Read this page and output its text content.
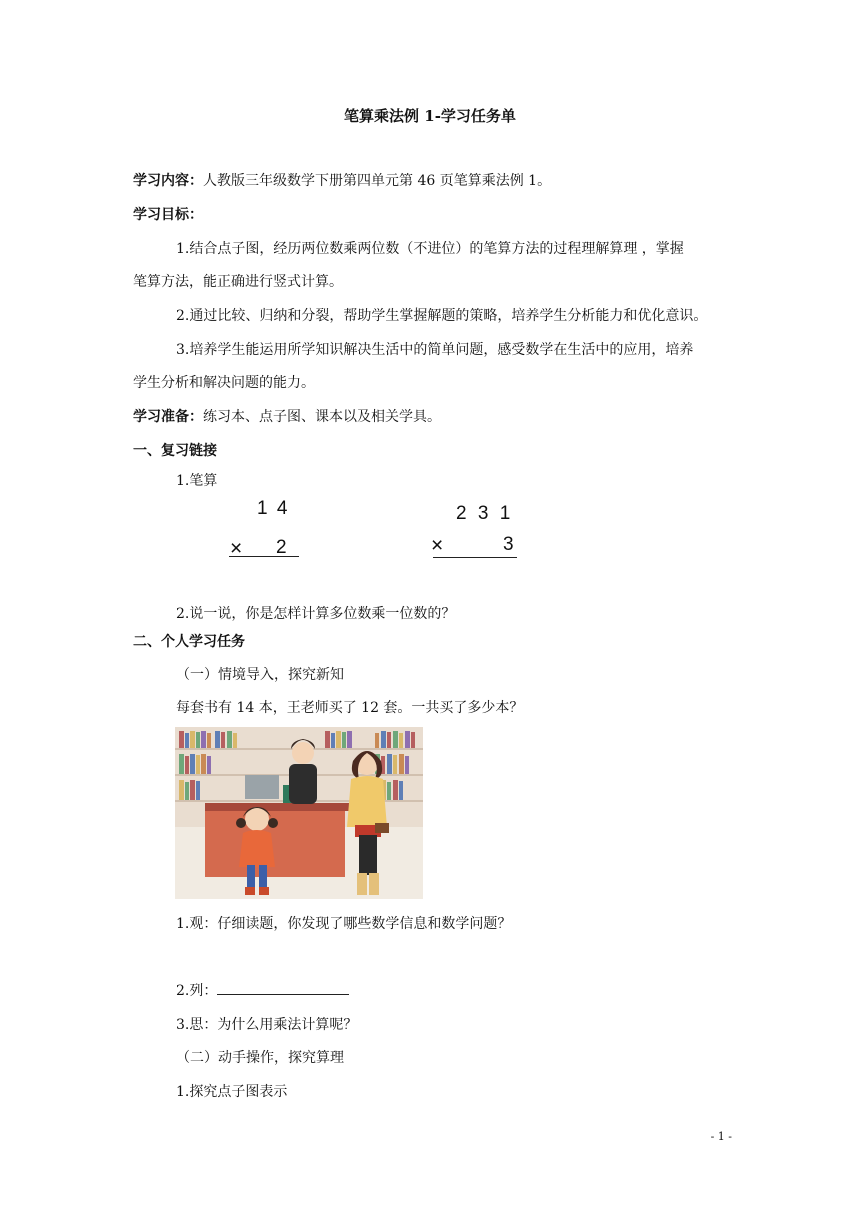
笔算乘法例 1-学习任务单
学习内容：人教版三年级数学下册第四单元第 46 页笔算乘法例 1。
学习目标：
1.结合点子图，经历两位数乘两位数（不进位）的笔算方法的过程理解算理 ，掌握
笔算方法，能正确进行竖式计算。
2.通过比较、归纳和分裂，帮助学生掌握解题的策略，培养学生分析能力和优化意识。
3.培养学生能运用所学知识解决生活中的简单问题，感受数学在生活中的应用，培养
学生分析和解决问题的能力。
学习准备：练习本、点子图、课本以及相关学具。
一、复习链接
1.笔算
1 4
× 2
2 3 1
×	3
2.说一说，你是怎样计算多位数乘一位数的？
二、个人学习任务
（一）情境导入，探究新知
每套书有 14 本，王老师买了 12 套。一共买了多少本？
1.观：仔细读题，你发现了哪些数学信息和数学问题？
2.列：
3.思：为什么用乘法计算呢？
（二）动手操作，探究算理
1.探究点子图表示
- 1 -
